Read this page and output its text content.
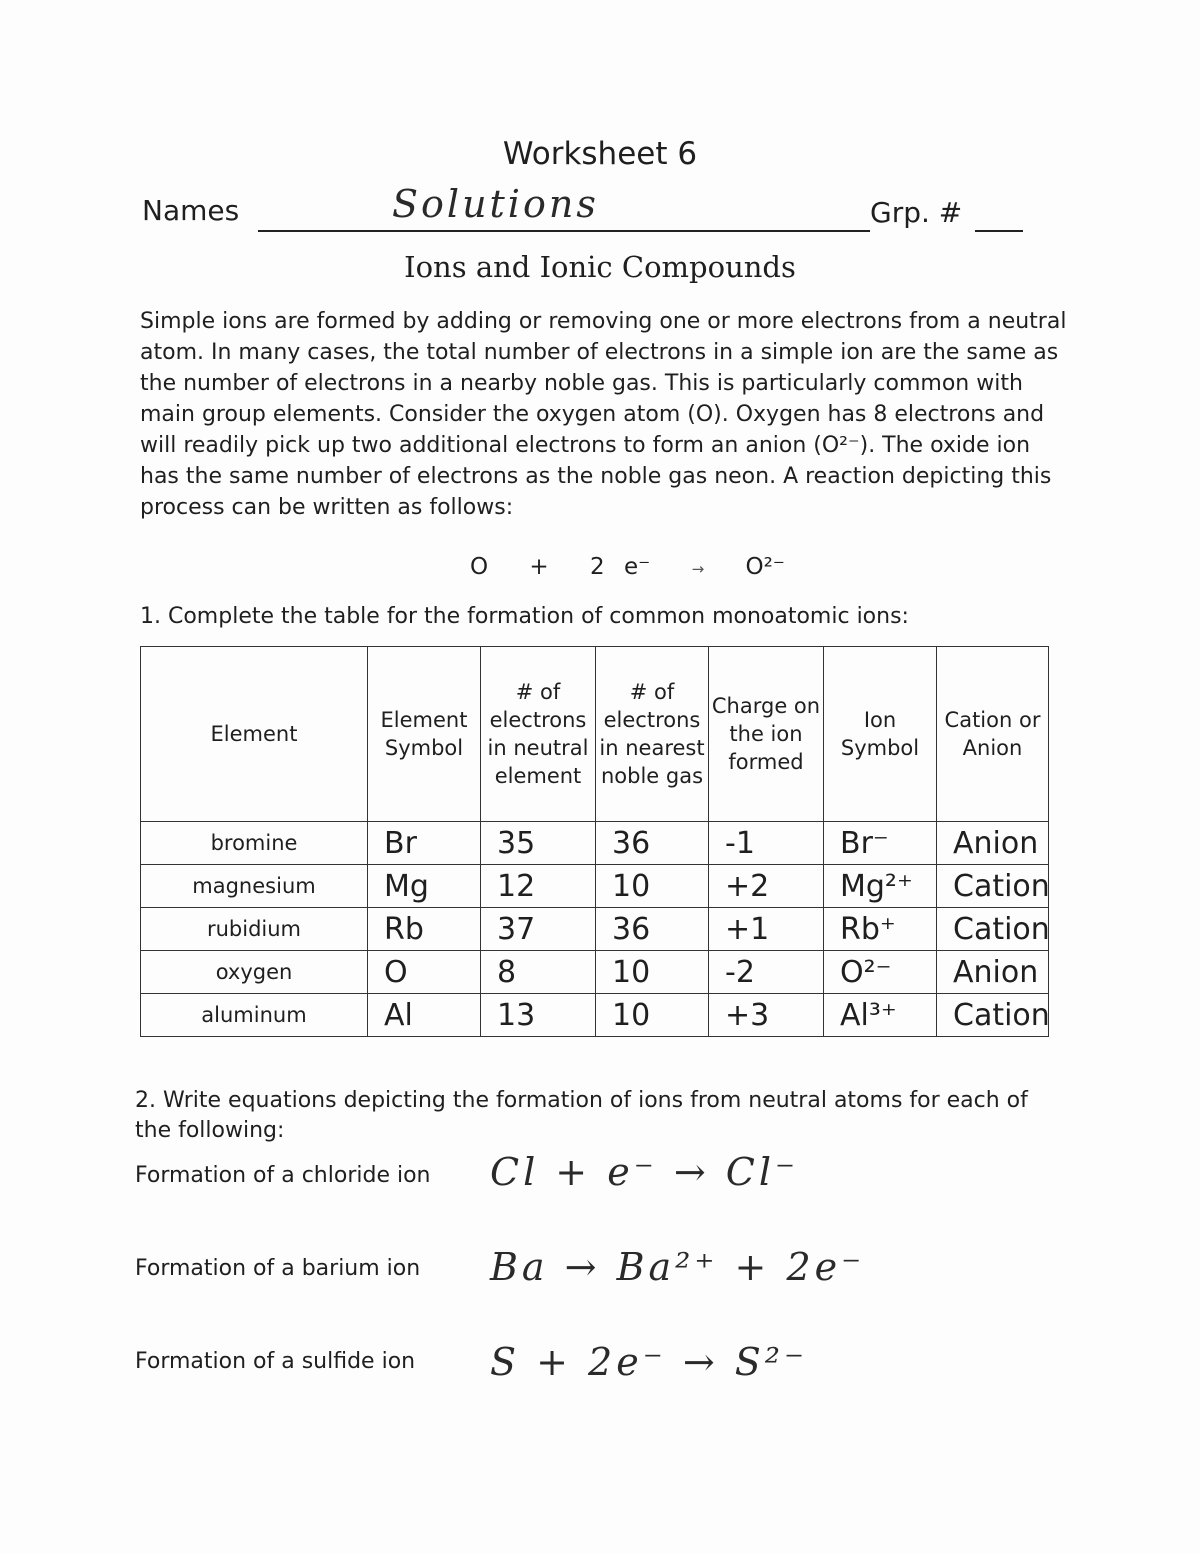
Worksheet 6
Names	Solutions	Grp. #
Ions and Ionic Compounds

Simple ions are formed by adding or removing one or more electrons from a neutral atom. In many cases, the total number of electrons in a simple ion are the same as the number of electrons in a nearby noble gas. This is particularly common with main group elements. Consider the oxygen atom (O). Oxygen has 8 electrons and will readily pick up two additional electrons to form an anion (O²⁻). The oxide ion has the same number of electrons as the noble gas neon. A reaction depicting this process can be written as follows:

O + 2 e⁻	→ O²⁻
1. Complete the table for the formation of common monoatomic ions:
Element	Element Symbol	# of electrons in neutral element	# of electrons in nearest noble gas	Charge on the ion formed	Ion Symbol	Cation or Anion
bromine	Br	35	36	-1	Br⁻	Anion
magnesium	Mg	12	10	+2	Mg²⁺	Cation
rubidium	Rb	37	36	+1	Rb⁺	Cation
oxygen	O	8	10	-2	O²⁻	Anion
aluminum	Al	13	10	+3	Al³⁺	Cation
2. Write equations depicting the formation of ions from neutral atoms for each of the following:
Formation of a chloride ion Cl + e⁻ → Cl⁻
Formation of a barium ion Ba → Ba²⁺ + 2e⁻
Formation of a sulfide ion S + 2e⁻ → S²⁻
